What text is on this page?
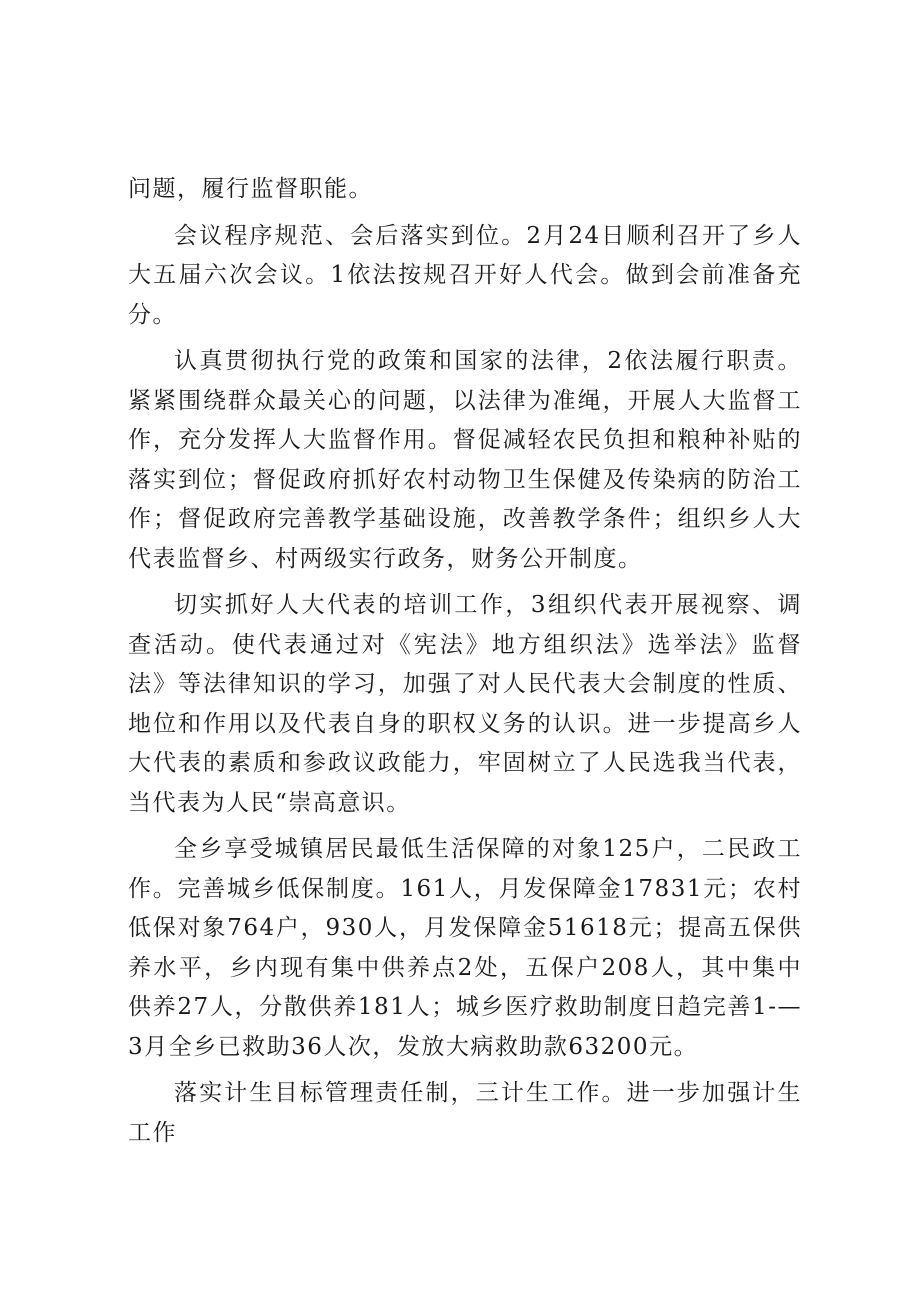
问题，履行监督职能。

会议程序规范、会后落实到位。2月24日顺利召开了乡人大五届六次会议。1依法按规召开好人代会。做到会前准备充分。

认真贯彻执行党的政策和国家的法律，2依法履行职责。紧紧围绕群众最关心的问题，以法律为准绳，开展人大监督工作，充分发挥人大监督作用。督促减轻农民负担和粮种补贴的落实到位；督促政府抓好农村动物卫生保健及传染病的防治工作；督促政府完善教学基础设施，改善教学条件；组织乡人大代表监督乡、村两级实行政务，财务公开制度。

切实抓好人大代表的培训工作，3组织代表开展视察、调查活动。使代表通过对《宪法》地方组织法》选举法》监督法》等法律知识的学习，加强了对人民代表大会制度的性质、地位和作用以及代表自身的职权义务的认识。进一步提高乡人大代表的素质和参政议政能力，牢固树立了人民选我当代表，当代表为人民“崇高意识。

全乡享受城镇居民最低生活保障的对象125户，二民政工作。完善城乡低保制度。161人，月发保障金17831元；农村低保对象764户，930人，月发保障金51618元；提高五保供养水平，乡内现有集中供养点2处，五保户208人，其中集中供养27人，分散供养181人；城乡医疗救助制度日趋完善1-—3月全乡已救助36人次，发放大病救助款63200元。

落实计生目标管理责任制，三计生工作。进一步加强计生工作
